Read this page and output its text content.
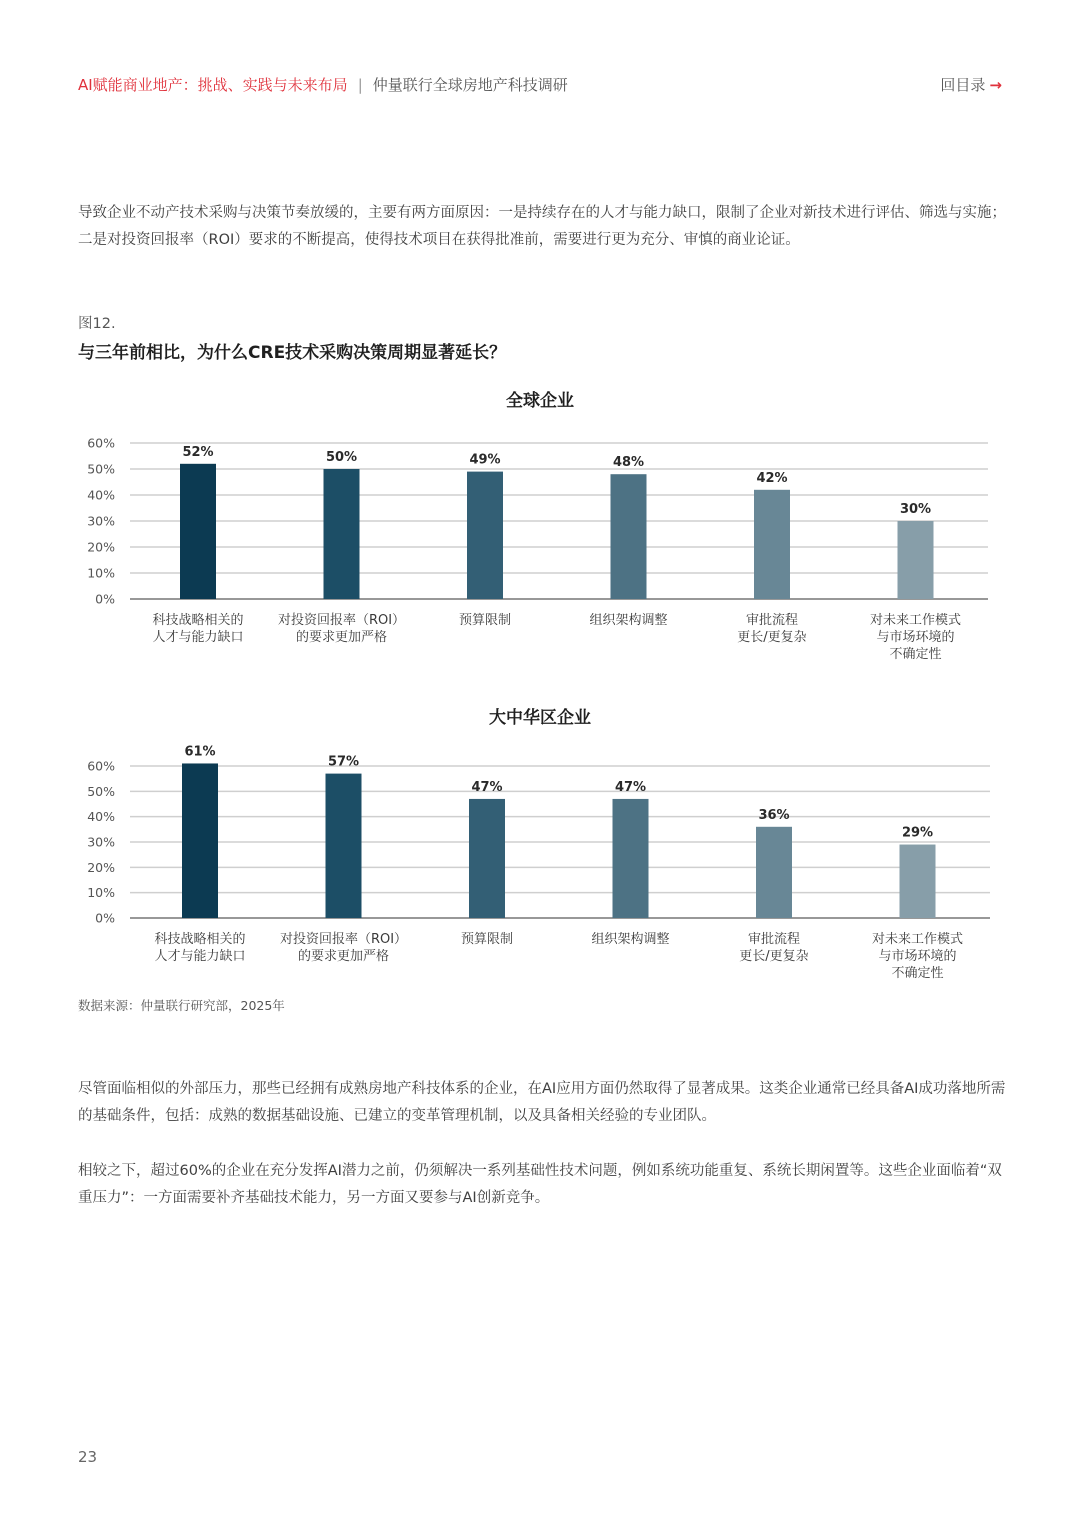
AI赋能商业地产：挑战、实践与未来布局 | 仲量联行全球房地产科技调研	回目录 →

导致企业不动产技术采购与决策节奏放缓的，主要有两方面原因：一是持续存在的人才与能力缺口，限制了企业对新技术进行评估、筛选与实施；二是对投资回报率（ROI）要求的不断提高，使得技术项目在获得批准前，需要进行更为充分、审慎的商业论证。

图12.
与三年前相比，为什么CRE技术采购决策周期显著延长？
全球企业
0%
10%
20%
30%
40%
50%
60%
52%
科技战略相关的
人才与能力缺口
50%
对投资回报率（ROI）
的要求更加严格
49%
预算限制
48%
组织架构调整
42%
审批流程
更长/更复杂
30%
对未来工作模式
与市场环境的
不确定性
大中华区企业
0%
10%
20%
30%
40%
50%
60%
61%
科技战略相关的
人才与能力缺口
57%
对投资回报率（ROI）
的要求更加严格
47%
预算限制
47%
组织架构调整
36%
审批流程
更长/更复杂
29%
对未来工作模式
与市场环境的
不确定性
数据来源：仲量联行研究部，2025年

尽管面临相似的外部压力，那些已经拥有成熟房地产科技体系的企业，在AI应用方面仍然取得了显著成果。这类企业通常已经具备AI成功落地所需的基础条件，包括：成熟的数据基础设施、已建立的变革管理机制，以及具备相关经验的专业团队。

相较之下，超过60%的企业在充分发挥AI潜力之前，仍须解决一系列基础性技术问题，例如系统功能重复、系统长期闲置等。这些企业面临着“双重压力”：一方面需要补齐基础技术能力，另一方面又要参与AI创新竞争。

23
